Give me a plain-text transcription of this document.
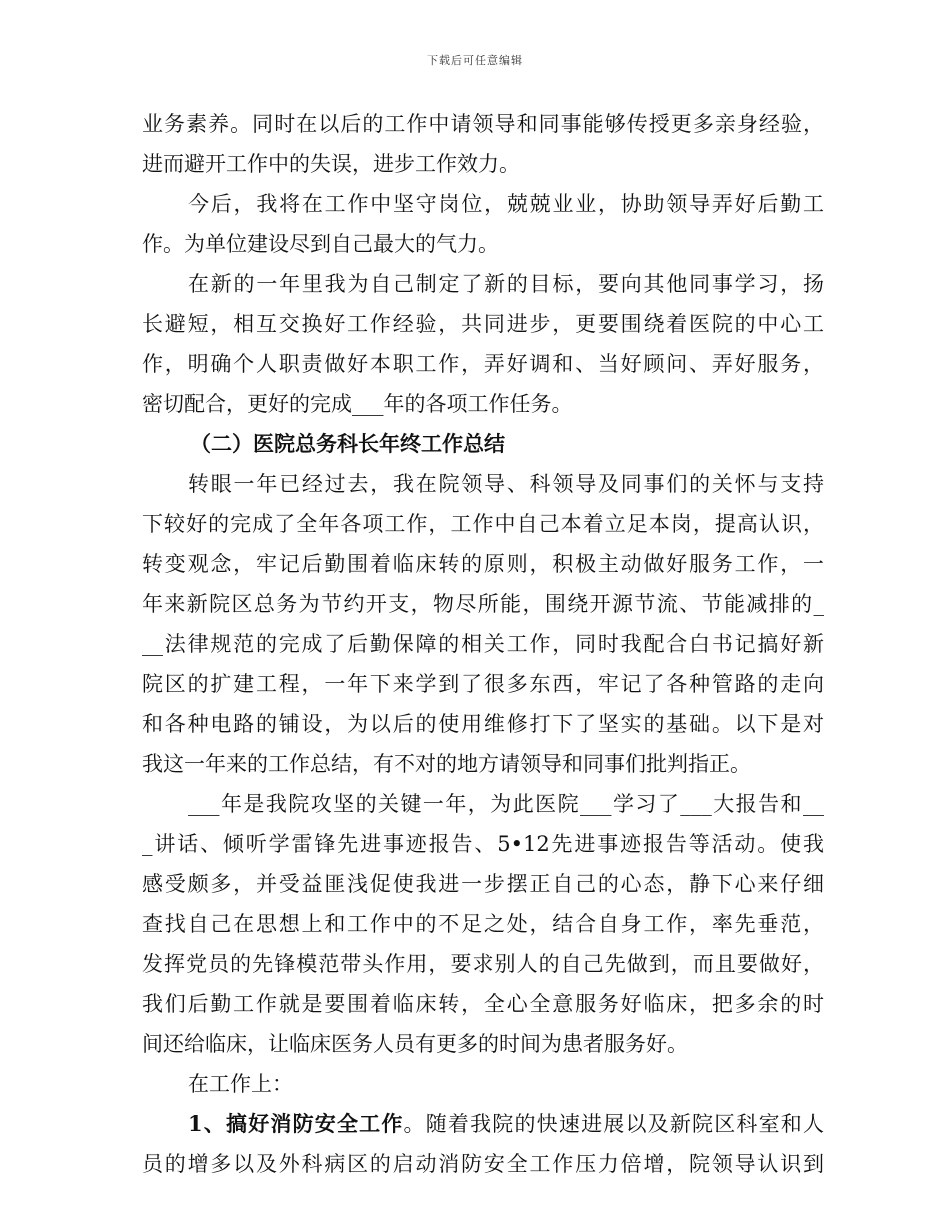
下载后可任意编辑
业务素养。同时在以后的工作中请领导和同事能够传授更多亲身经验，
进而避开工作中的失误，进步工作效力。
今后，我将在工作中坚守岗位，兢兢业业，协助领导弄好后勤工
作。为单位建设尽到自己最大的气力。
在新的一年里我为自己制定了新的目标，要向其他同事学习，扬
长避短，相互交换好工作经验，共同进步，更要围绕着医院的中心工
作，明确个人职责做好本职工作，弄好调和、当好顾问、弄好服务，
密切配合，更好的完成___年的各项工作任务。
（二）医院总务科长年终工作总结
转眼一年已经过去，我在院领导、科领导及同事们的关怀与支持
下较好的完成了全年各项工作，工作中自己本着立足本岗，提高认识，
转变观念，牢记后勤围着临床转的原则，积极主动做好服务工作，一
年来新院区总务为节约开支，物尽所能，围绕开源节流、节能减排的_
__法律规范的完成了后勤保障的相关工作，同时我配合白书记搞好新
院区的扩建工程，一年下来学到了很多东西，牢记了各种管路的走向
和各种电路的铺设，为以后的使用维修打下了坚实的基础。以下是对
我这一年来的工作总结，有不对的地方请领导和同事们批判指正。
___年是我院攻坚的关键一年，为此医院___学习了___大报告和__
_讲话、倾听学雷锋先进事迹报告、5•12先进事迹报告等活动。使我
感受颇多，并受益匪浅促使我进一步摆正自己的心态，静下心来仔细
查找自己在思想上和工作中的不足之处，结合自身工作，率先垂范，
发挥党员的先锋模范带头作用，要求别人的自己先做到，而且要做好，
我们后勤工作就是要围着临床转，全心全意服务好临床，把多余的时
间还给临床，让临床医务人员有更多的时间为患者服务好。
在工作上：
1、搞好消防安全工作。随着我院的快速进展以及新院区科室和人
员的增多以及外科病区的启动消防安全工作压力倍增，院领导认识到
